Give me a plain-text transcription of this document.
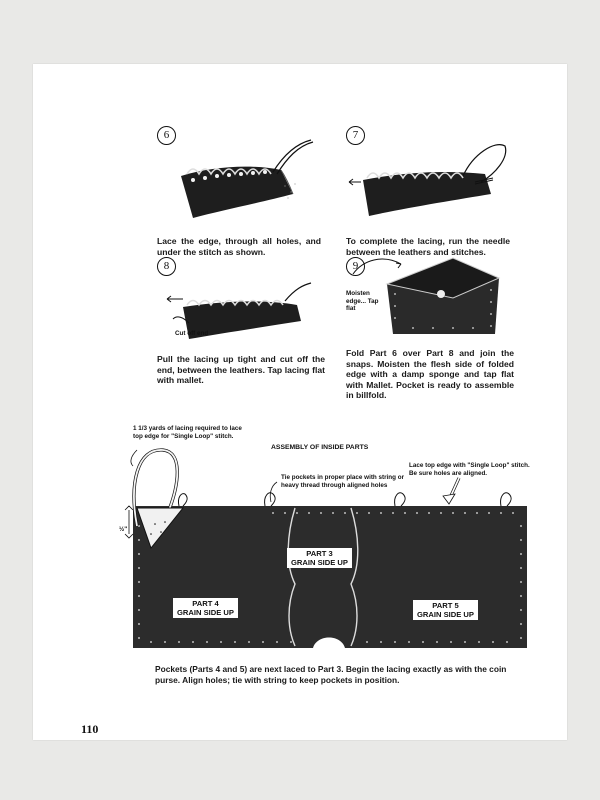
6
Lace the edge, through all holes, and under the stitch as shown.
7
To complete the lacing, run the needle between the leathers and stitches.
8
Cut off end
Pull the lacing up tight and cut off the end, between the leathers. Tap lacing flat with mallet.
9
Moisten edge... Tap flat
Fold Part 6 over Part 8 and join the snaps. Moisten the flesh side of folded edge with a damp sponge and tap flat with Mallet. Pocket is ready to assemble in billfold.
1 1/3 yards of lacing required to lace top edge for "Single Loop" stitch.
ASSEMBLY OF INSIDE PARTS
Tie pockets in proper place with string or heavy thread through aligned holes
Lace top edge with "Single Loop" stitch. Be sure holes are aligned.
½"
PART 3
GRAIN SIDE UP
PART 4
GRAIN SIDE UP
PART 5
GRAIN SIDE UP
Pockets (Parts 4 and 5) are next laced to Part 3. Begin the lacing exactly as with the coin purse. Align holes; tie with string to keep pockets in position.
110
